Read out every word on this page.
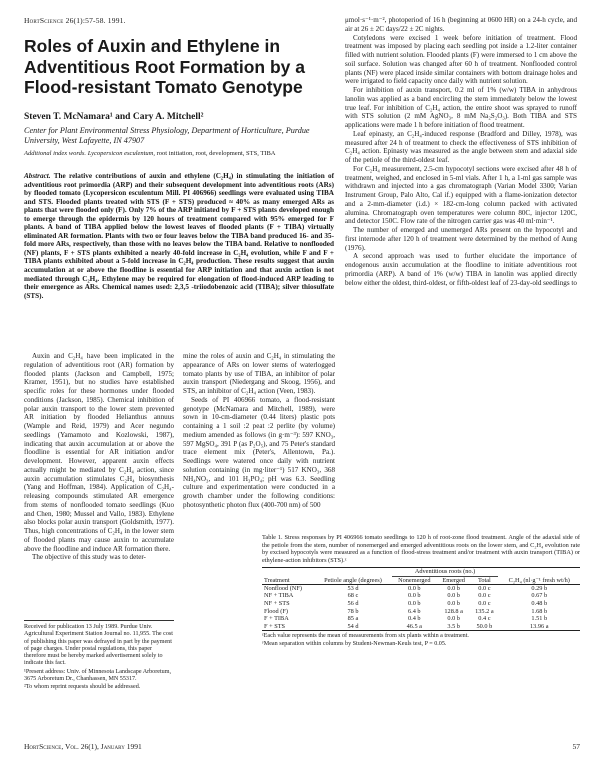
HortScience 26(1):57-58. 1991.
Roles of Auxin and Ethylene in Adventitious Root Formation by a Flood-resistant Tomato Genotype
Steven T. McNamara¹ and Cary A. Mitchell²
Center for Plant Environmental Stress Physiology, Department of Horticulture, Purdue University, West Lafayette, IN 47907
Additional index words. Lycopersicon esculentum, root initiation, root, development, STS, TIBA
Abstract. The relative contributions of auxin and ethylene (C₂H₄) in stimulating the initiation of adventitious root primordia (ARP) and their subsequent development into adventitious roots (ARs) by flooded tomato (Lycopersicon esculentum Mill. PI 406966) seedlings were evaluated using TIBA and STS. Flooded plants treated with STS (F + STS) produced ≈ 40% as many emerged ARs as plants that were flooded only (F). Only 7% of the ARP initiated by F + STS plants developed enough to emerge through the epidermis by 120 hours of treatment compared with 95% emerged for F plants. A band of TIBA applied below the lowest leaves of flooded plants (F + TIBA) virtually eliminated AR formation. Plants with two or four leaves below the TIBA band produced 16- and 35-fold more ARs, respectively, than those with no leaves below the TIBA band. Relative to nonflooded (NF) plants, F + STS plants exhibited a nearly 40-fold increase in C₂H₄ evolution, while F and F + TIBA plants exhibited about a 5-fold increase in C₂H₄ production. These results suggest that auxin accumulation at or above the floodline is essential for ARP initiation and that auxin action is not mediated through C₂H₄. Ethylene may be required for elongation of flood-induced ARP leading to their emergence as ARs. Chemical names used: 2,3,5 -triiodobenzoic acid (TIBA); silver thiosulfate (STS).

Auxin and C₂H₄ have been implicated in the regulation of adventitious root (AR) formation by flooded plants (Jackson and Campbell, 1975; Kramer, 1951), but no studies have established specific roles for these hormones under flooded conditions (Jackson, 1985). Chemical inhibition of polar auxin transport to the lower stem prevented AR initiation by flooded Helianthus annuus (Wample and Reid, 1979) and Acer negundo seedlings (Yamamoto and Kozlowski, 1987), indicating that auxin accumulation at or above the floodline is essential for AR initiation and/or development. However, apparent auxin effects actually might be mediated by C₂H₄ action, since auxin accumulation stimulates C₂H₄ biosynthesis (Yang and Hoffman, 1984). Application of C₂H₄-releasing compounds stimulated AR emergence from stems of nonflooded tomato seedlings (Kuo and Chen, 1980; Mussel and Vallo, 1983). Ethylene also blocks polar auxin transport (Goldsmith, 1977). Thus, high concentrations of C₂H₄ in the lower stem of flooded plants may cause auxin to accumulate above the floodline and induce AR formation there.

The objective of this study was to deter-

mine the roles of auxin and C₂H₄ in stimulating the appearance of ARs on lower stems of waterlogged tomato plants by use of TIBA, an inhibitor of polar auxin transport (Niedergang and Skoog, 1956), and STS, an inhibitor of C₂H₄ action (Veen, 1983).

Seeds of PI 406966 tomato, a flood-resistant genotype (McNamara and Mitchell, 1989), were sown in 10-cm-diameter (0.44 liters) plastic pots containing a 1 soil :2 peat :2 perlite (by volume) medium amended as follows (in g·m⁻³): 597 KNO₃, 597 MgSO₄, 391 P (as P₂O₅), and 75 Peter's standard trace element mix (Peter's, Allentown, Pa.). Seedlings were watered once daily with nutrient solution containing (in mg·liter⁻¹) 517 KNO₃, 368 NH₄NO₃, and 101 H₃PO₄; pH was 6.3. Seedling culture and experimentation were conducted in a growth chamber under the following conditions: photosynthetic photon flux (400-700 nm) of 500

μmol·s⁻¹·m⁻², photoperiod of 16 h (beginning at 0600 HR) on a 24-h cycle, and air at 26 ± 2C days/22 ± 2C nights.

Cotyledons were excised 1 week before initiation of treatment. Flood treatment was imposed by placing each seedling pot inside a 1.2-liter container filled with nutrient solution. Flooded plants (F) were immersed to 1 cm above the soil surface. Solution was changed after 60 h of treatment. Nonflooded control plants (NF) were placed inside similar containers with bottom drainage holes and were irrigated to field capacity once daily with nutrient solution.

For inhibition of auxin transport, 0.2 ml of 1% (w/w) TIBA in anhydrous lanolin was applied as a band encircling the stem immediately below the lowest true leaf. For inhibition of C₂H₄ action, the entire shoot was sprayed to runoff with STS solution (2 mM AgNO₃, 8 mM Na₂S₂O₃). Both TIBA and STS applications were made 1 h before initiation of flood treatment.

Leaf epinasty, an C₂H₄-induced response (Bradford and Dilley, 1978), was measured after 24 h of treatment to check the effectiveness of STS inhibition of C₂H₄ action. Epinasty was measured as the angle between stem and adaxial side of the petiole of the third-oldest leaf.

For C₂H₄ measurement, 2.5-cm hypocotyl sections were excised after 48 h of treatment, weighed, and enclosed in 5-ml vials. After 1 h, a 1-ml gas sample was withdrawn and injected into a gas chromatograph (Varian Model 3300; Varian Instrument Group, Palo Alto, Cal if.) equipped with a flame-ionization detector and a 2-mm-diameter (i.d.) × 182-cm-long column packed with activated alumina. Chromatograph oven temperatures were column 80C, injector 120C, and detector 150C. Flow rate of the nitrogen carrier gas was 40 ml·min⁻¹.

The number of emerged and unemerged ARs present on the hypocotyl and first internode after 120 h of treatment were determined by the method of Aung (1976).

A second approach was used to further elucidate the importance of endogenous auxin accumulation at the floodline to initiate adventitious root primordia (ARP). A band of 1% (w/w) TIBA in lanolin was applied directly below either the oldest, third-oldest, or fifth-oldest leaf of 23-day-old seedlings to

Received for publication 13 July 1989. Purdue Univ. Agricultural Experiment Station Journal no. 11,955. The cost of publishing this paper was defrayed in part by the payment of page charges. Under postal regulations, this paper therefore must be hereby marked advertisement solely to indicate this fact.

¹Present address: Univ. of Minnesota Landscape Arboretum, 3675 Arboretum Dr., Chanhassen, MN 55317.

²To whom reprint requests should be addressed.

Table 1. Stress responses by PI 406966 tomato seedlings to 120 h of root-zone flood treatment. Angle of the adaxial side of the petiole from the stem, number of nonemerged and emerged adventitious roots on the lower stem, and C₂H₄ evolution rate by excised hypocotyls were measured as a function of flood-stress treatment and/or treatment with auxin transport (TIBA) or ethylene-action inhibitors (STS).ᶻ
Treatment	Petiole angle (degrees)	Adventitious roots (no.)			C₂H₄ (nl·g⁻¹ fresh wt/h)
		Nonemerged	Emerged	Total	
Nonflood (NF)	53 d	0.0 b	0.0 b	0.0 c	0.29 b
NF + TIBA	68 c	0.0 b	0.0 b	0.0 c	0.67 b
NF + STS	56 d	0.0 b	0.0 b	0.0 c	0.48 b
Flood (F)	78 b	6.4 b	128.8 a	135.2 a	1.68 b
F + TIBA	85 a	0.4 b	0.0 b	0.4 c	1.51 b
F + STS	54 d	46.5 a	3.5 b	50.0 b	13.96 a
ᶻEach value represents the mean of measurements from six plants within a treatment.
ʸMean separation within columns by Student-Newman-Keuls test, P = 0.05.
HortScience, Vol. 26(1), January 1991	57
